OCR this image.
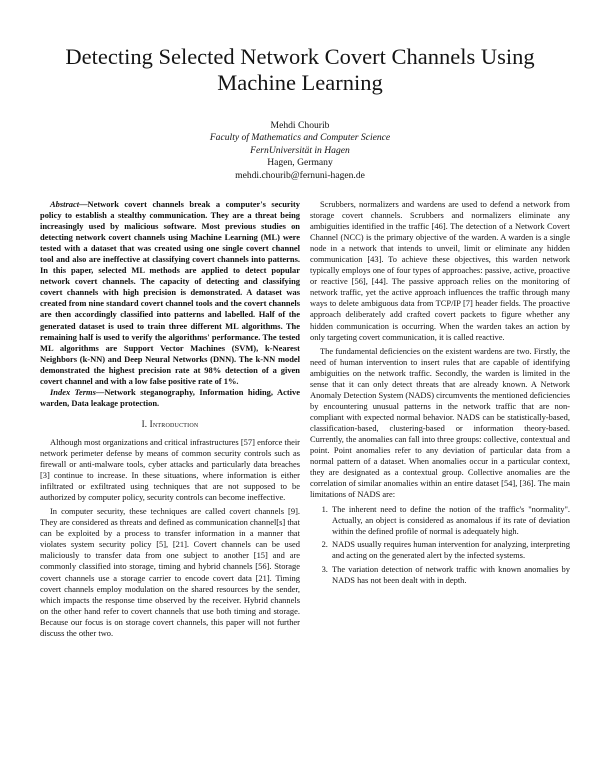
Detecting Selected Network Covert Channels Using Machine Learning
Mehdi Chourib
Faculty of Mathematics and Computer Science
FernUniversität in Hagen
Hagen, Germany
mehdi.chourib@fernuni-hagen.de

Abstract—Network covert channels break a computer's security policy to establish a stealthy communication. They are a threat being increasingly used by malicious software. Most previous studies on detecting network covert channels using Machine Learning (ML) were tested with a dataset that was created using one single covert channel tool and also are ineffective at classifying covert channels into patterns. In this paper, selected ML methods are applied to detect popular network covert channels. The capacity of detecting and classifying covert channels with high precision is demonstrated. A dataset was created from nine standard covert channel tools and the covert channels are then accordingly classified into patterns and labelled. Half of the generated dataset is used to train three different ML algorithms. The remaining half is used to verify the algorithms' performance. The tested ML algorithms are Support Vector Machines (SVM), k-Nearest Neighbors (k-NN) and Deep Neural Networks (DNN). The k-NN model demonstrated the highest precision rate at 98% detection of a given covert channel and with a low false positive rate of 1%.

Index Terms—Network steganography, Information hiding, Active warden, Data leakage protection.

I. Introduction

Although most organizations and critical infrastructures [57] enforce their network perimeter defense by means of common security controls such as firewall or anti-malware tools, cyber attacks and particularly data breaches [3] continue to increase. In these situations, where information is either infiltrated or exfiltrated using techniques that are not supposed to be authorized by computer policy, security controls can become ineffective.

In computer security, these techniques are called covert channels [9]. They are considered as threats and defined as communication channel[s] that can be exploited by a process to transfer information in a manner that violates system security policy [5], [21]. Covert channels can be used maliciously to transfer data from one subject to another [15] and are commonly classified into storage, timing and hybrid channels [56]. Storage covert channels use a storage carrier to encode covert data [21]. Timing covert channels employ modulation on the shared resources by the sender, which impacts the response time observed by the receiver. Hybrid channels on the other hand refer to covert channels that use both timing and storage. Because our focus is on storage covert channels, this paper will not further discuss the other two.

Scrubbers, normalizers and wardens are used to defend a network from storage covert channels. Scrubbers and normalizers eliminate any ambiguities identified in the traffic [46]. The detection of a Network Covert Channel (NCC) is the primary objective of the warden. A warden is a single node in a network that intends to unveil, limit or eliminate any hidden communication [43]. To achieve these objectives, this warden network typically employs one of four types of approaches: passive, active, proactive or reactive [56], [44]. The passive approach relies on the monitoring of network traffic, yet the active approach influences the traffic through many ways to delete ambiguous data from TCP/IP [7] header fields. The proactive approach deliberately add crafted covert packets to figure whether any hidden communication is occurring. When the warden takes an action by only targeting covert communication, it is called reactive.

The fundamental deficiencies on the existent wardens are two. Firstly, the need of human intervention to insert rules that are capable of identifying ambiguities on the network traffic. Secondly, the warden is limited in the sense that it can only detect threats that are already known. A Network Anomaly Detection System (NADS) circumvents the mentioned deficiencies by encountering unusual patterns in the network traffic that are non-compliant with expected normal behavior. NADS can be statistically-based, classification-based, clustering-based or information theory-based. Currently, the anomalies can fall into three groups: collective, contextual and point. Point anomalies refer to any deviation of particular data from a normal pattern of a dataset. When anomalies occur in a particular context, they are designated as a contextual group. Collective anomalies are the correlation of similar anomalies within an entire dataset [54], [36]. The main limitations of NADS are:

1. The inherent need to define the notion of the traffic's "normality". Actually, an object is considered as anomalous if its rate of deviation within the defined profile of normal is adequately high.
2. NADS usually requires human intervention for analyzing, interpreting and acting on the generated alert by the infected systems.
3. The variation detection of network traffic with known anomalies by NADS has not been dealt with in depth.
